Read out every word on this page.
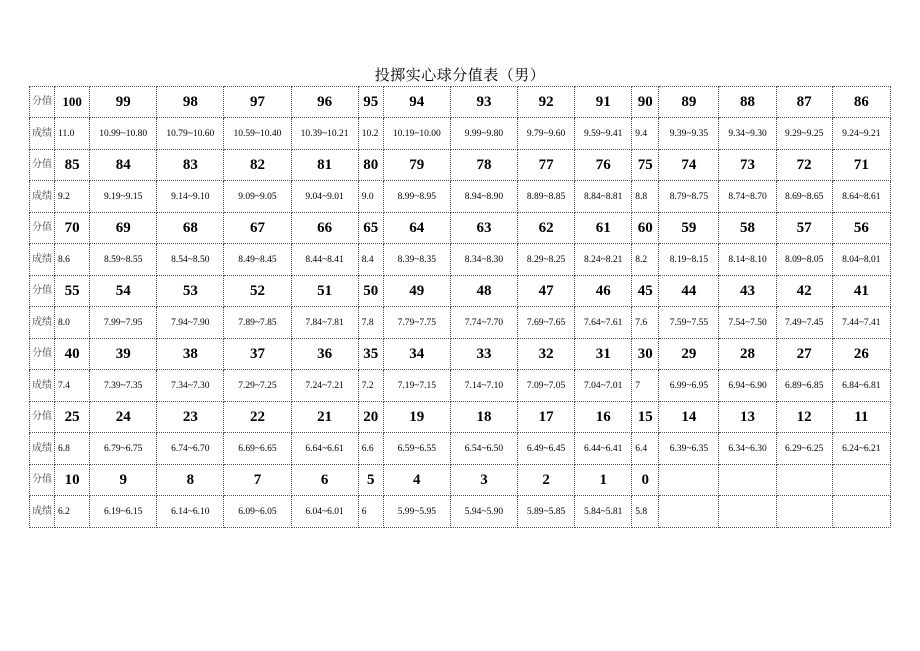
投掷实心球分值表（男）
分值	100	99	98	97	96	95	94	93	92	91	90	89	88	87	86
成绩	11.0	10.99~10.80	10.79~10.60	10.59~10.40	10.39~10.21	10.2	10.19~10.00	9.99~9.80	9.79~9.60	9.59~9.41	9.4	9.39~9.35	9.34~9.30	9.29~9.25	9.24~9.21
分值	85	84	83	82	81	80	79	78	77	76	75	74	73	72	71
成绩	9.2	9.19~9.15	9.14~9.10	9.09~9.05	9.04~9.01	9.0	8.99~8.95	8.94~8.90	8.89~8.85	8.84~8.81	8.8	8.79~8.75	8.74~8.70	8.69~8.65	8.64~8.61
分值	70	69	68	67	66	65	64	63	62	61	60	59	58	57	56
成绩	8.6	8.59~8.55	8.54~8.50	8.49~8.45	8.44~8.41	8.4	8.39~8.35	8.34~8.30	8.29~8.25	8.24~8.21	8.2	8.19~8.15	8.14~8.10	8.09~8.05	8.04~8.01
分值	55	54	53	52	51	50	49	48	47	46	45	44	43	42	41
成绩	8.0	7.99~7.95	7.94~7.90	7.89~7.85	7.84~7.81	7.8	7.79~7.75	7.74~7.70	7.69~7.65	7.64~7.61	7.6	7.59~7.55	7.54~7.50	7.49~7.45	7.44~7.41
分值	40	39	38	37	36	35	34	33	32	31	30	29	28	27	26
成绩	7.4	7.39~7.35	7.34~7.30	7.29~7.25	7.24~7.21	7.2	7.19~7.15	7.14~7.10	7.09~7.05	7.04~7.01	7	6.99~6.95	6.94~6.90	6.89~6.85	6.84~6.81
分值	25	24	23	22	21	20	19	18	17	16	15	14	13	12	11
成绩	6.8	6.79~6.75	6.74~6.70	6.69~6.65	6.64~6.61	6.6	6.59~6.55	6.54~6.50	6.49~6.45	6.44~6.41	6.4	6.39~6.35	6.34~6.30	6.29~6.25	6.24~6.21
分值	10	9	8	7	6	5	4	3	2	1	0				
成绩	6.2	6.19~6.15	6.14~6.10	6.09~6.05	6.04~6.01	6	5.99~5.95	5.94~5.90	5.89~5.85	5.84~5.81	5.8				
